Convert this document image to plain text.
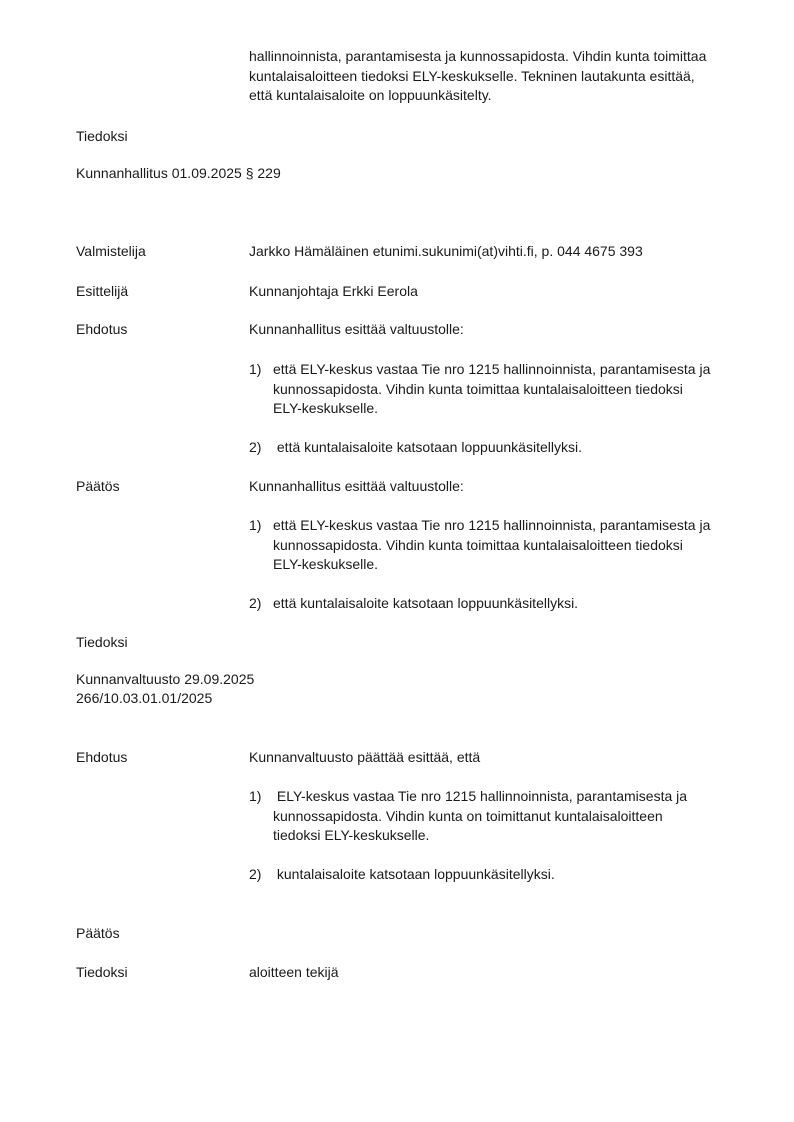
hallinnoinnista, parantamisesta ja kunnossapidosta. Vihdin kunta toimittaa
kuntalaisaloitteen tiedoksi ELY-keskukselle. Tekninen lautakunta esittää,
että kuntalaisaloite on loppuunkäsitelty.
Tiedoksi
Kunnanhallitus 01.09.2025 § 229
Valmistelija	Jarkko Hämäläinen etunimi.sukunimi(at)vihti.fi, p. 044 4675 393
Esittelijä	Kunnanjohtaja Erkki Eerola
Ehdotus	Kunnanhallitus esittää valtuustolle:
1) että ELY-keskus vastaa Tie nro 1215 hallinnoinnista, parantamisesta ja
kunnossapidosta. Vihdin kunta toimittaa kuntalaisaloitteen tiedoksi
ELY-keskukselle.
2) että kuntalaisaloite katsotaan loppuunkäsitellyksi.
Päätös	Kunnanhallitus esittää valtuustolle:
1) että ELY-keskus vastaa Tie nro 1215 hallinnoinnista, parantamisesta ja
kunnossapidosta. Vihdin kunta toimittaa kuntalaisaloitteen tiedoksi
ELY-keskukselle.
2) että kuntalaisaloite katsotaan loppuunkäsitellyksi.
Tiedoksi
Kunnanvaltuusto 29.09.2025
266/10.03.01.01/2025
Ehdotus	Kunnanvaltuusto päättää esittää, että
1) ELY-keskus vastaa Tie nro 1215 hallinnoinnista, parantamisesta ja
kunnossapidosta. Vihdin kunta on toimittanut kuntalaisaloitteen
tiedoksi ELY-keskukselle.
2) kuntalaisaloite katsotaan loppuunkäsitellyksi.
Päätös
Tiedoksi	aloitteen tekijä
